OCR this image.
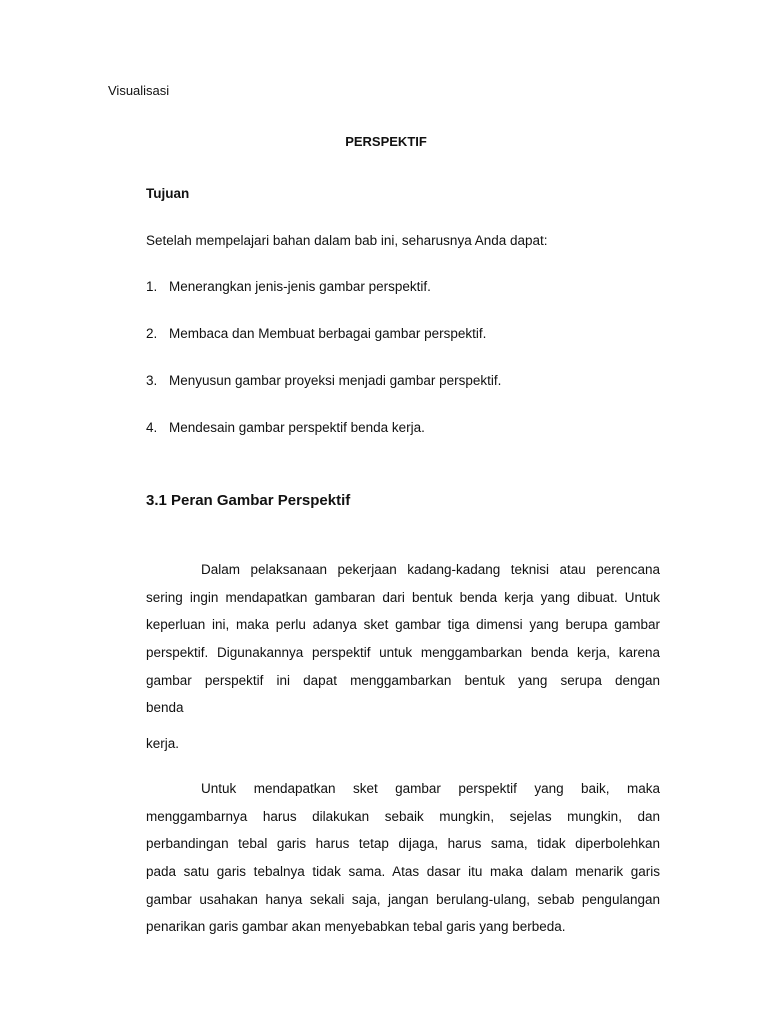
Visualisasi
PERSPEKTIF
Tujuan
Setelah mempelajari bahan dalam bab ini, seharusnya Anda dapat:
1. Menerangkan jenis-jenis gambar perspektif.
2. Membaca dan Membuat berbagai gambar perspektif.
3. Menyusun gambar proyeksi menjadi gambar perspektif.
4. Mendesain gambar perspektif benda kerja.
3.1 Peran Gambar Perspektif
Dalam pelaksanaan pekerjaan kadang-kadang teknisi atau perencana
sering ingin mendapatkan gambaran dari bentuk benda kerja yang dibuat. Untuk
keperluan ini, maka perlu adanya sket gambar tiga dimensi yang berupa gambar
perspektif. Digunakannya perspektif untuk menggambarkan benda kerja, karena
gambar perspektif ini dapat menggambarkan bentuk yang serupa dengan
benda
kerja.
Untuk mendapatkan sket gambar perspektif yang baik, maka
menggambarnya harus dilakukan sebaik mungkin, sejelas mungkin, dan
perbandingan tebal garis harus tetap dijaga, harus sama, tidak diperbolehkan
pada satu garis tebalnya tidak sama. Atas dasar itu maka dalam menarik garis
gambar usahakan hanya sekali saja, jangan berulang-ulang, sebab pengulangan
penarikan garis gambar akan menyebabkan tebal garis yang berbeda.
